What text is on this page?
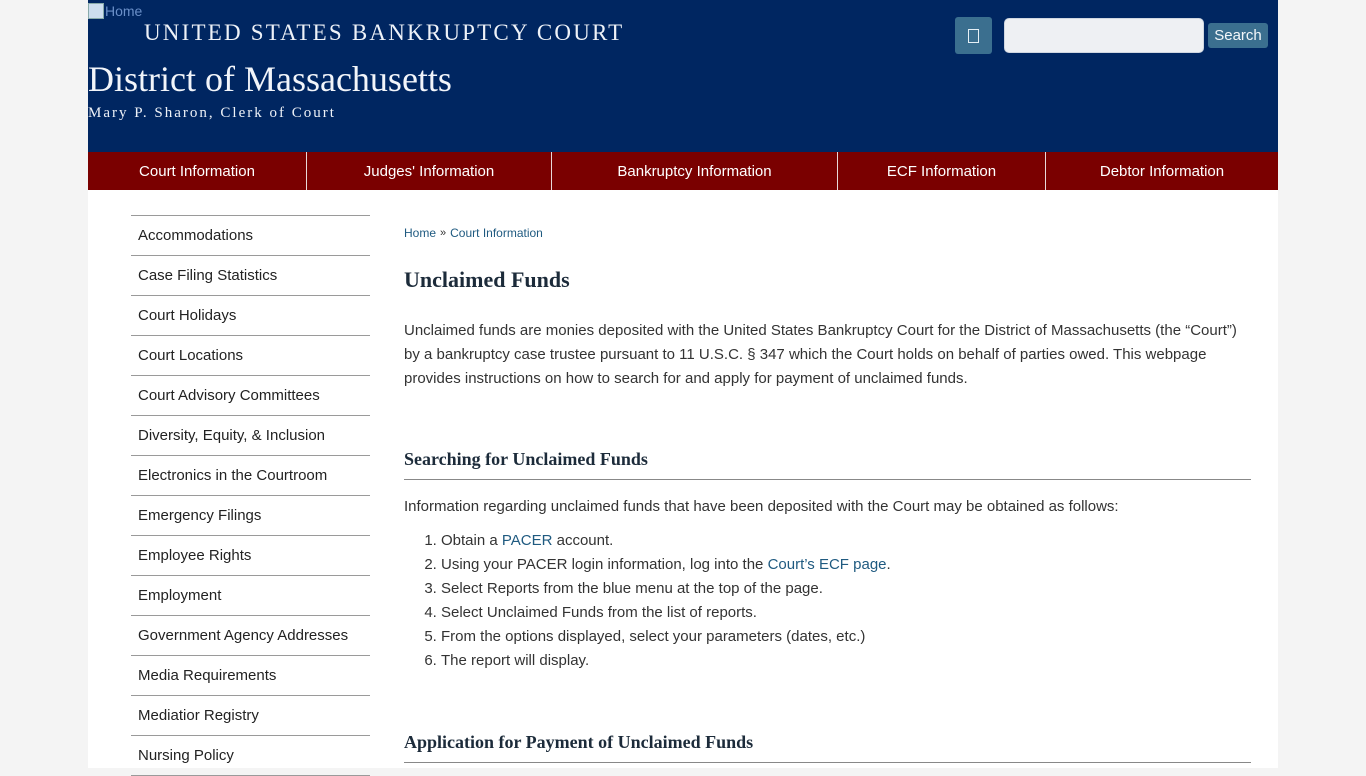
Home
UNITED STATES BANKRUPTCY COURT
District of Massachusetts
Mary P. Sharon, Clerk of Court
Search
Court Information	Judges' Information	Bankruptcy Information	ECF Information	Debtor Information
Accommodations
Case Filing Statistics
Court Holidays
Court Locations
Court Advisory Committees
Diversity, Equity, & Inclusion
Electronics in the Courtroom
Emergency Filings
Employee Rights
Employment
Government Agency Addresses
Media Requirements
Mediatior Registry
Nursing Policy
Home » Court Information
Unclaimed Funds

Unclaimed funds are monies deposited with the United States Bankruptcy Court for the District of Massachusetts (the “Court”) by a bankruptcy case trustee pursuant to 11 U.S.C. § 347 which the Court holds on behalf of parties owed. This webpage provides instructions on how to search for and apply for payment of unclaimed funds.

Searching for Unclaimed Funds

Information regarding unclaimed funds that have been deposited with the Court may be obtained as follows:

1. Obtain a PACER account.
2. Using your PACER login information, log into the Court’s ECF page.
3. Select Reports from the blue menu at the top of the page.
4. Select Unclaimed Funds from the list of reports.
5. From the options displayed, select your parameters (dates, etc.)
6. The report will display.
Application for Payment of Unclaimed Funds
